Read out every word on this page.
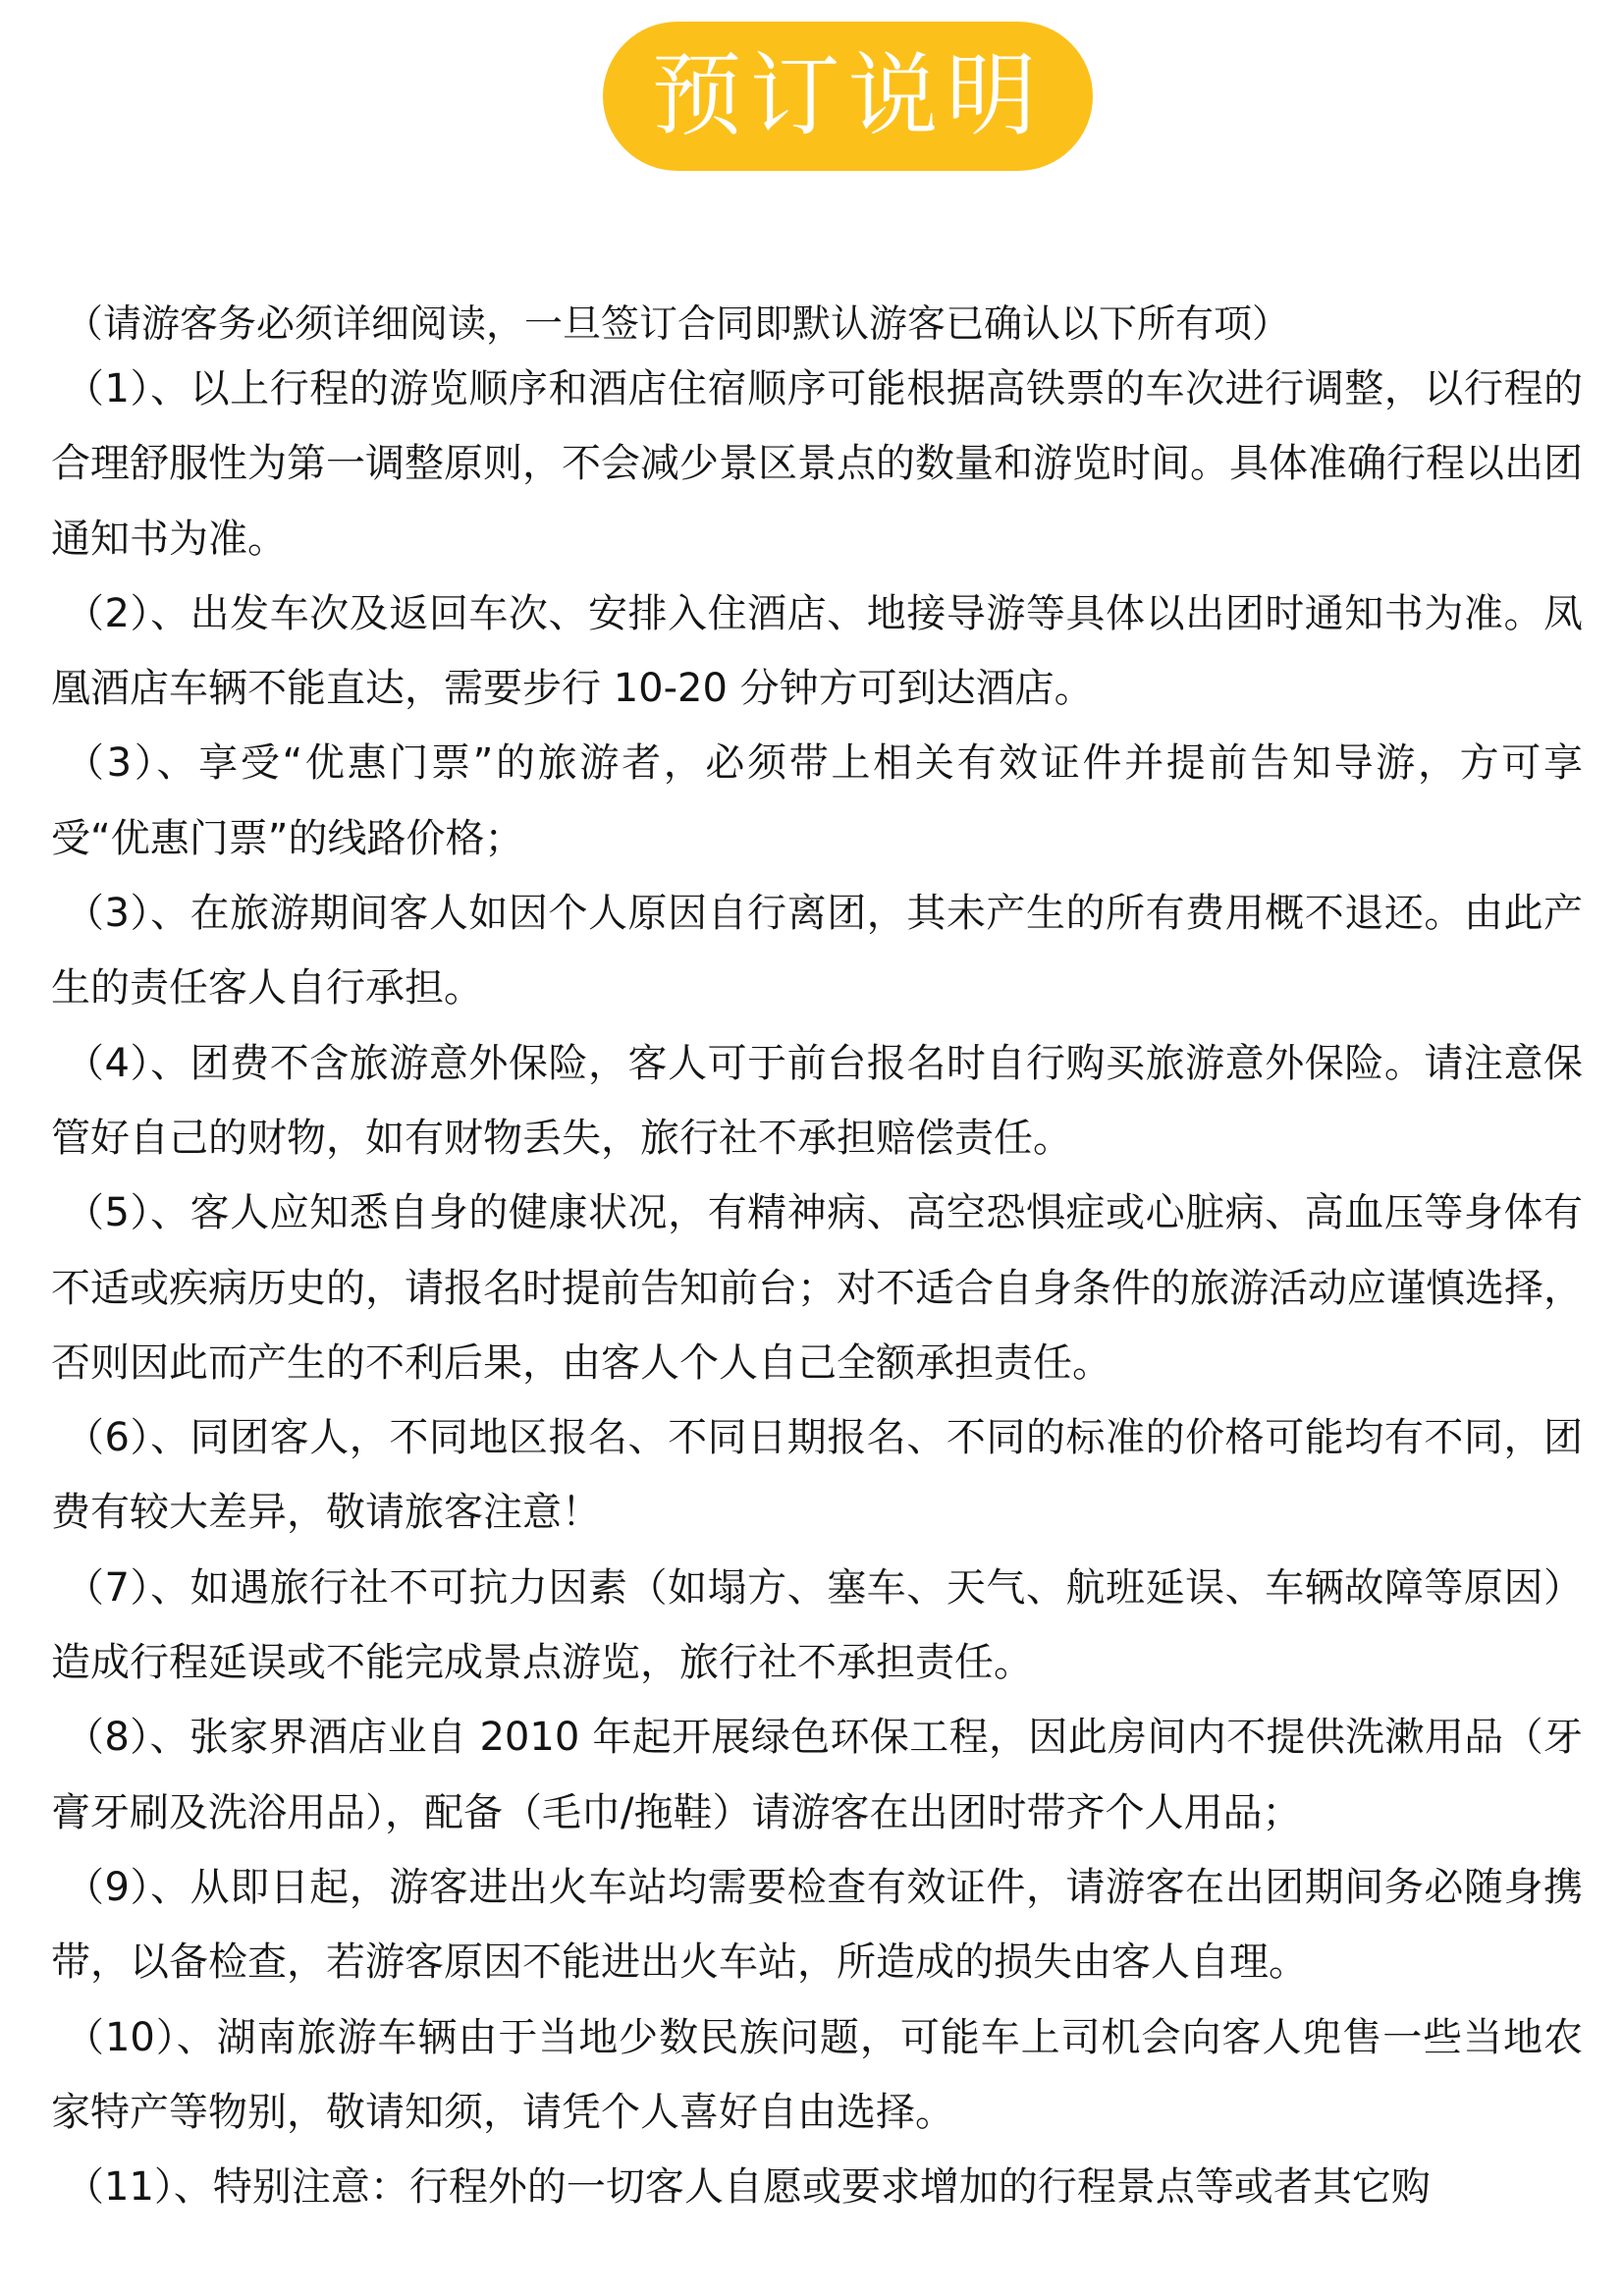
预订说明
（请游客务必须详细阅读，一旦签订合同即默认游客已确认以下所有项）

（1）、以上行程的游览顺序和酒店住宿顺序可能根据高铁票的车次进行调整，以行程的合理舒服性为第一调整原则，不会减少景区景点的数量和游览时间。具体准确行程以出团通知书为准。

（2）、出发车次及返回车次、安排入住酒店、地接导游等具体以出团时通知书为准。凤凰酒店车辆不能直达，需要步行 10-20 分钟方可到达酒店。

（3）、享受“优惠门票”的旅游者，必须带上相关有效证件并提前告知导游，方可享受“优惠门票”的线路价格；

（3）、在旅游期间客人如因个人原因自行离团，其未产生的所有费用概不退还。由此产生的责任客人自行承担。

（4）、团费不含旅游意外保险，客人可于前台报名时自行购买旅游意外保险。请注意保管好自己的财物，如有财物丢失，旅行社不承担赔偿责任。

（5）、客人应知悉自身的健康状况，有精神病、高空恐惧症或心脏病、高血压等身体有不适或疾病历史的，请报名时提前告知前台；对不适合自身条件的旅游活动应谨慎选择，否则因此而产生的不利后果，由客人个人自己全额承担责任。

（6）、同团客人，不同地区报名、不同日期报名、不同的标准的价格可能均有不同，团费有较大差异，敬请旅客注意！

（7）、如遇旅行社不可抗力因素（如塌方、塞车、天气、航班延误、车辆故障等原因）造成行程延误或不能完成景点游览，旅行社不承担责任。

（8）、张家界酒店业自 2010 年起开展绿色环保工程，因此房间内不提供洗漱用品（牙膏牙刷及洗浴用品），配备（毛巾/拖鞋）请游客在出团时带齐个人用品；

（9）、从即日起，游客进出火车站均需要检查有效证件，请游客在出团期间务必随身携带，以备检查，若游客原因不能进出火车站，所造成的损失由客人自理。

（10）、湖南旅游车辆由于当地少数民族问题，可能车上司机会向客人兜售一些当地农家特产等物别，敬请知须，请凭个人喜好自由选择。

（11）、特别注意：行程外的一切客人自愿或要求增加的行程景点等或者其它购
